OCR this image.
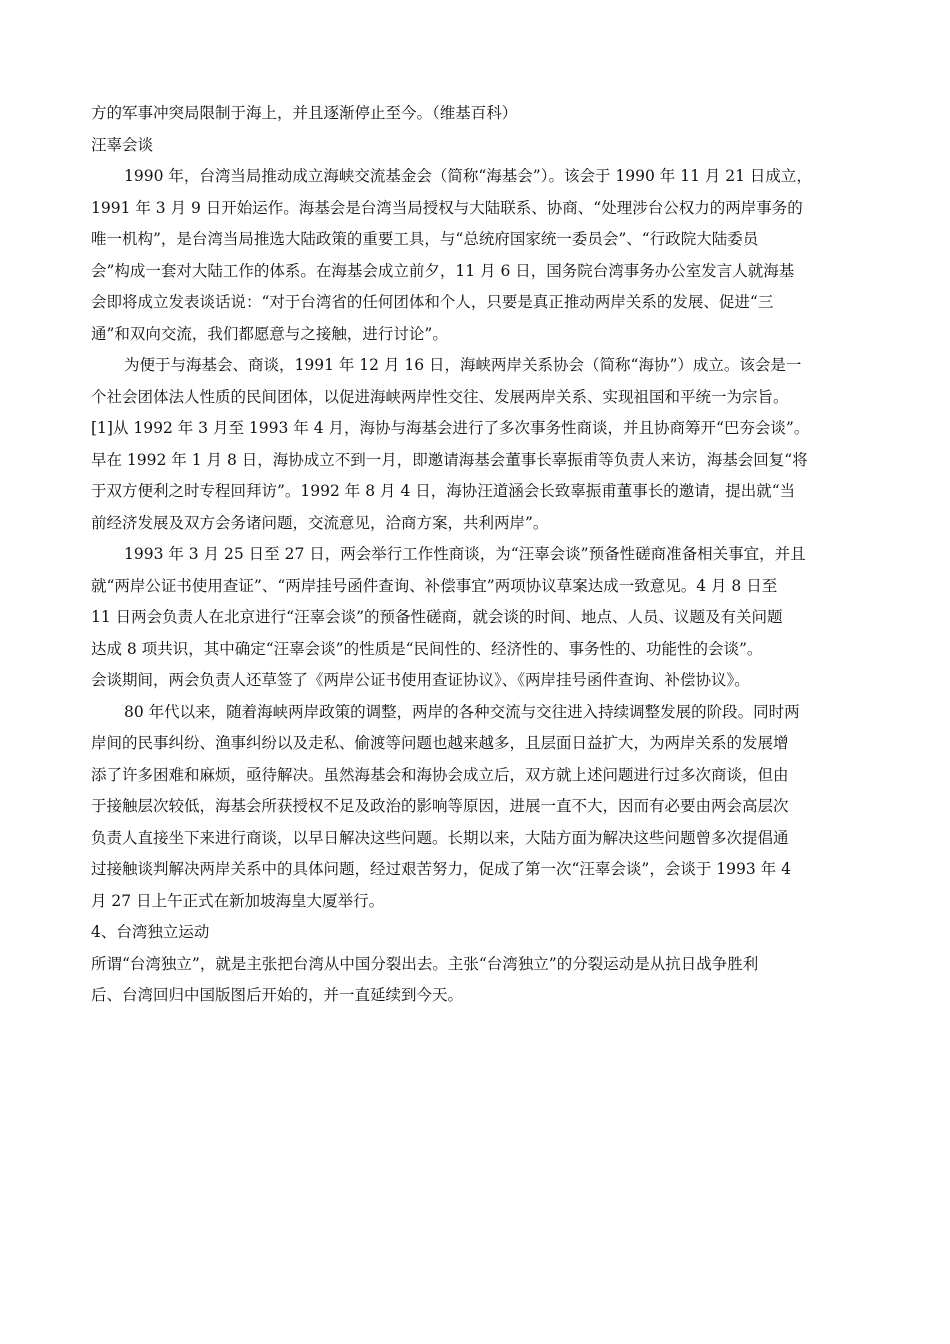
方的军事冲突局限制于海上，并且逐渐停止至今。（维基百科）
汪辜会谈
1990 年，台湾当局推动成立海峡交流基金会（简称“海基会”）。该会于 1990 年 11 月 21 日成立，
1991 年 3 月 9 日开始运作。海基会是台湾当局授权与大陆联系、协商、“处理涉台公权力的两岸事务的
唯一机构”，是台湾当局推选大陆政策的重要工具，与“总统府国家统一委员会”、“行政院大陆委员
会”构成一套对大陆工作的体系。在海基会成立前夕，11 月 6 日，国务院台湾事务办公室发言人就海基
会即将成立发表谈话说：“对于台湾省的任何团体和个人，只要是真正推动两岸关系的发展、促进“三
通”和双向交流，我们都愿意与之接触，进行讨论”。
为便于与海基会、商谈，1991 年 12 月 16 日，海峡两岸关系协会（简称“海协”）成立。该会是一
个社会团体法人性质的民间团体，以促进海峡两岸性交往、发展两岸关系、实现祖国和平统一为宗旨。
[1]从 1992 年 3 月至 1993 年 4 月，海协与海基会进行了多次事务性商谈，并且协商筹开“巴夯会谈”。
早在 1992 年 1 月 8 日，海协成立不到一月，即邀请海基会董事长辜振甫等负责人来访，海基会回复“将
于双方便利之时专程回拜访”。1992 年 8 月 4 日，海协汪道涵会长致辜振甫董事长的邀请，提出就“当
前经济发展及双方会务诸问题，交流意见，洽商方案，共利两岸”。
1993 年 3 月 25 日至 27 日，两会举行工作性商谈，为“汪辜会谈”预备性磋商准备相关事宜，并且
就“两岸公证书使用查证”、“两岸挂号函件查询、补偿事宜”两项协议草案达成一致意见。4 月 8 日至
11 日两会负责人在北京进行“汪辜会谈”的预备性磋商，就会谈的时间、地点、人员、议题及有关问题
达成 8 项共识，其中确定“汪辜会谈”的性质是“民间性的、经济性的、事务性的、功能性的会谈”。
会谈期间，两会负责人还草签了《两岸公证书使用查证协议》、《两岸挂号函件查询、补偿协议》。
80 年代以来，随着海峡两岸政策的调整，两岸的各种交流与交往进入持续调整发展的阶段。同时两
岸间的民事纠纷、渔事纠纷以及走私、偷渡等问题也越来越多，且层面日益扩大，为两岸关系的发展增
添了许多困难和麻烦，亟待解决。虽然海基会和海协会成立后，双方就上述问题进行过多次商谈，但由
于接触层次较低，海基会所获授权不足及政治的影响等原因，进展一直不大，因而有必要由两会高层次
负责人直接坐下来进行商谈，以早日解决这些问题。长期以来，大陆方面为解决这些问题曾多次提倡通
过接触谈判解决两岸关系中的具体问题，经过艰苦努力，促成了第一次“汪辜会谈”，会谈于 1993 年 4
月 27 日上午正式在新加坡海皇大厦举行。
4、台湾独立运动
所谓“台湾独立”，就是主张把台湾从中国分裂出去。主张“台湾独立”的分裂运动是从抗日战争胜利
后、台湾回归中国版图后开始的，并一直延续到今天。
